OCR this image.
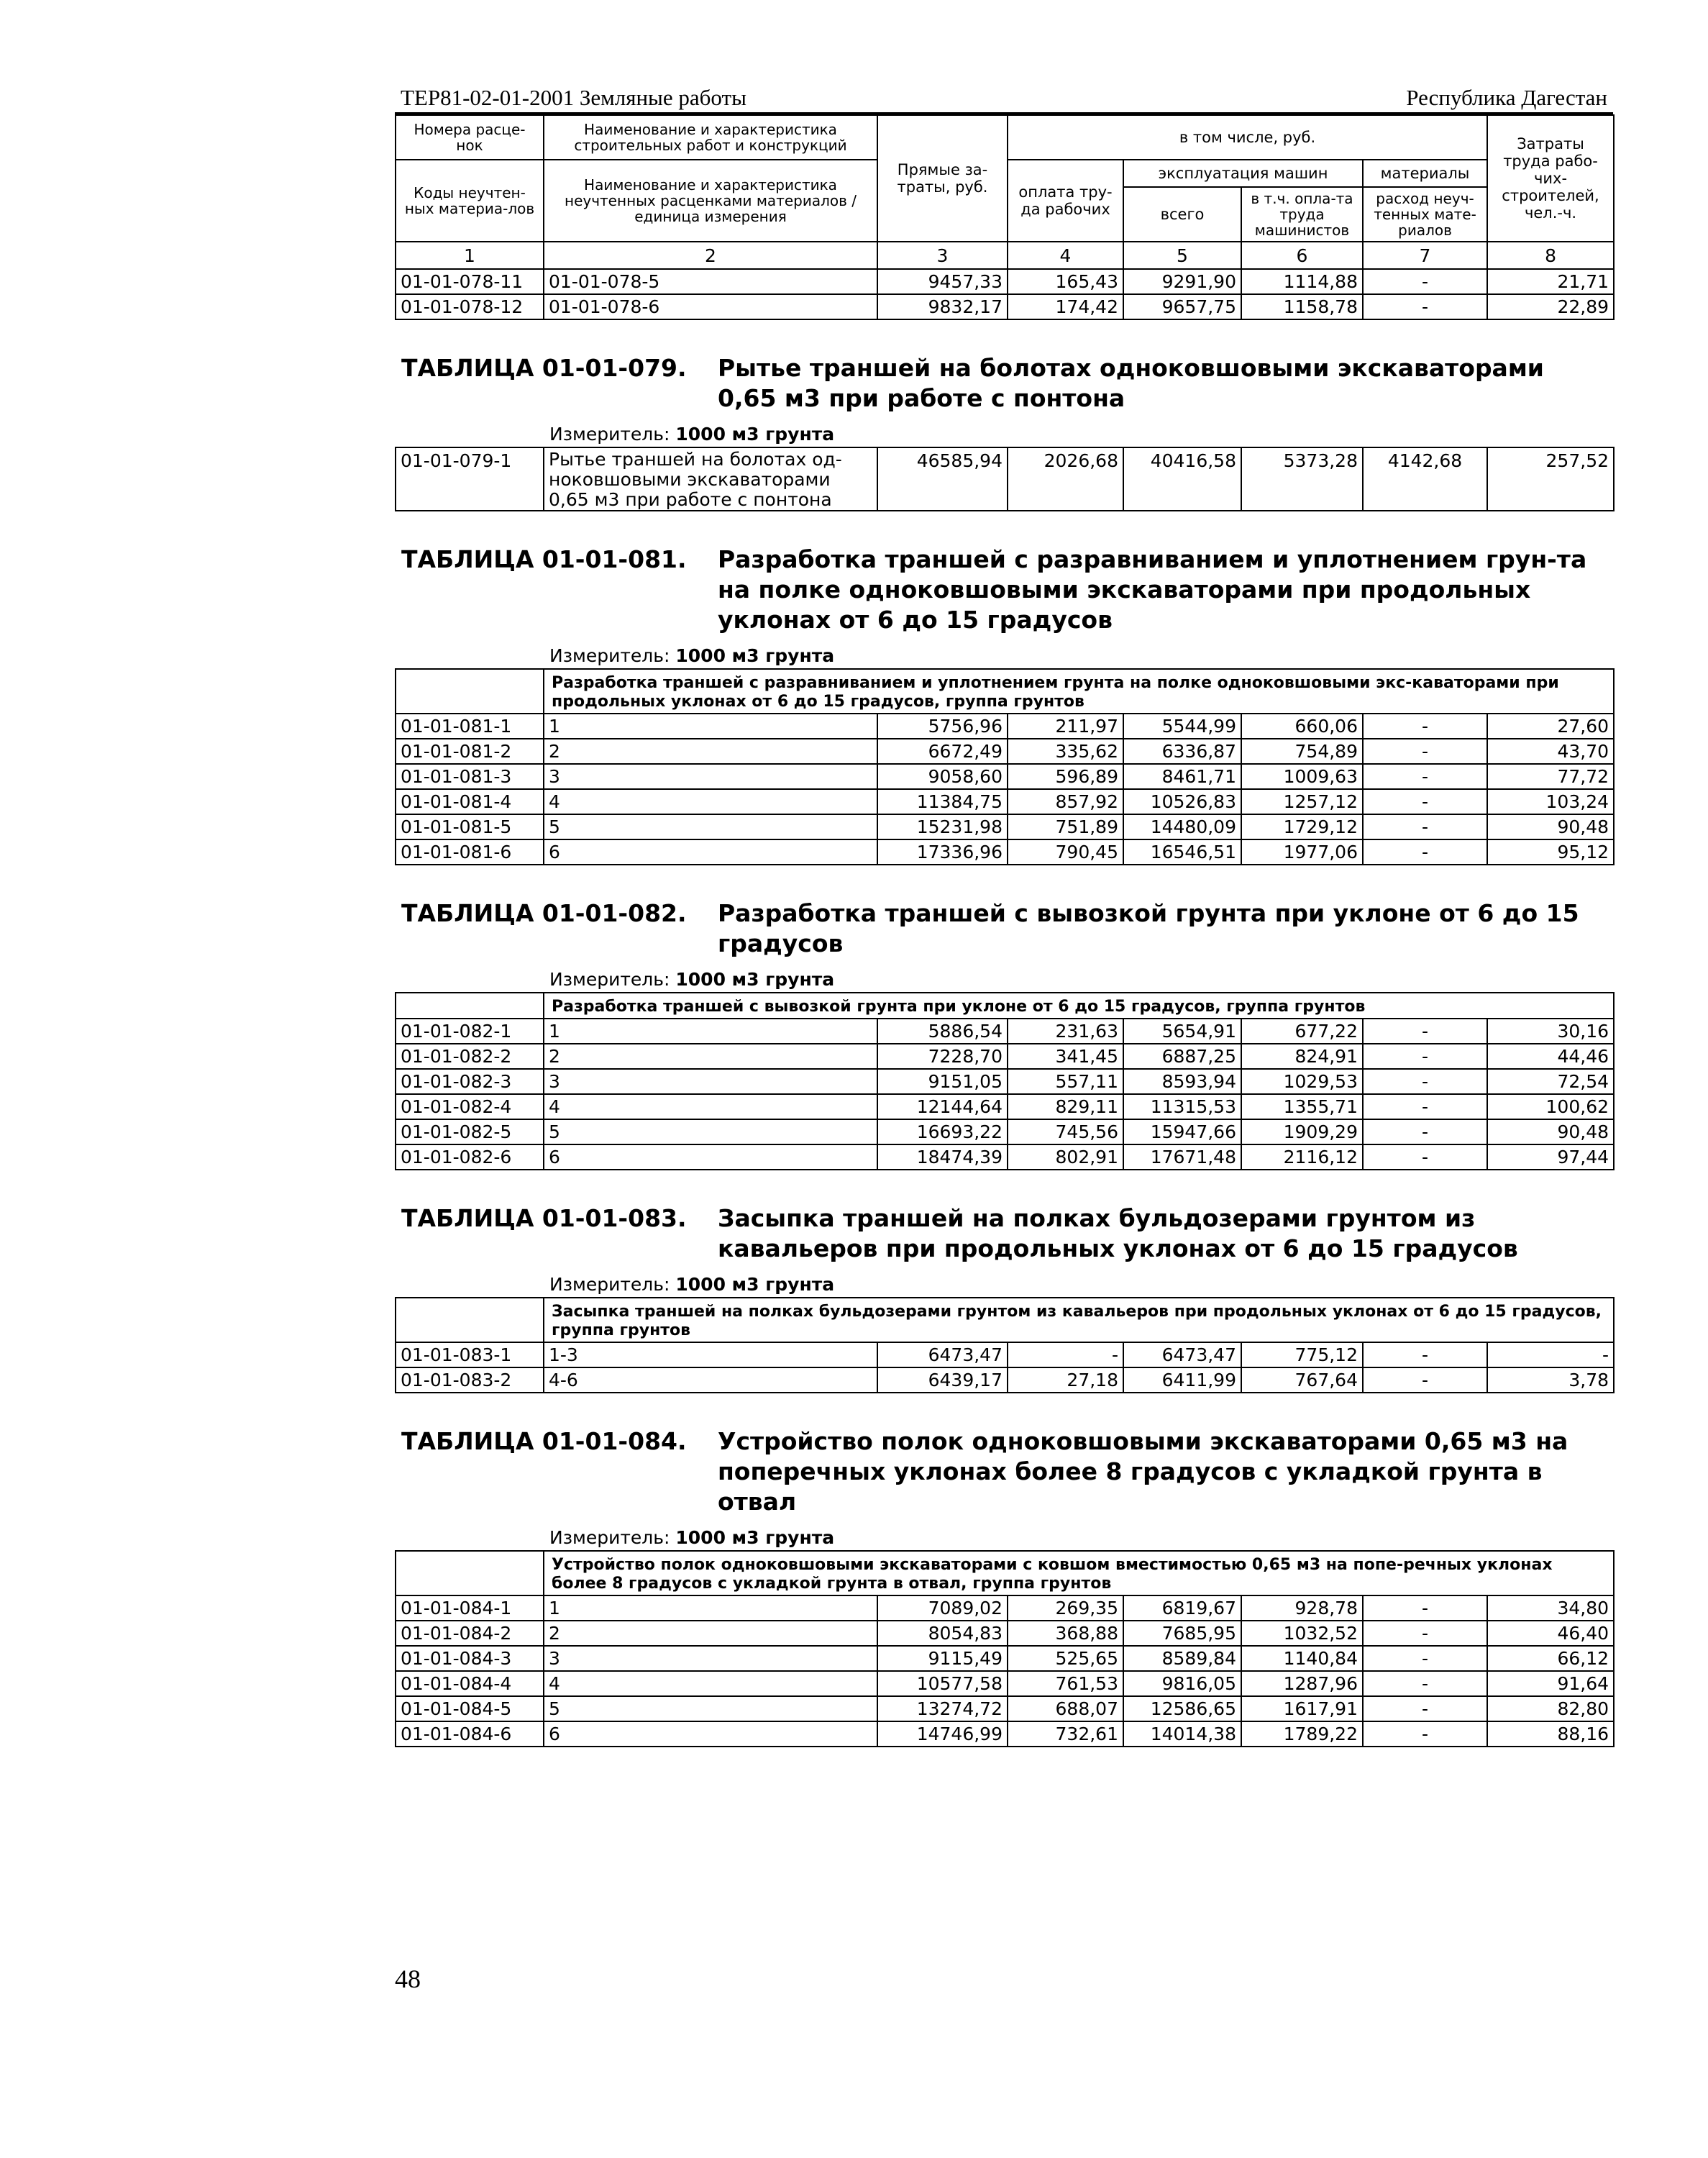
ТЕР81-02-01-2001 Земляные работы	Республика Дагестан
Номера расце-нок	Наименование и характеристика строительных работ и конструкций	Прямые за-траты, руб.	в том числе, руб.				Затраты труда рабо-чих-строителей, чел.-ч.
Коды неучтен-ных материа-лов	Наименование и характеристика неучтенных расценками материалов / единица измерения		оплата тру-да рабочих	эксплуатация машин		материалы	
				всего	в т.ч. опла-та труда машинистов	расход неуч-тенных мате-риалов	

1	2	3	4	5	6	7	8
01-01-078-11	01-01-078-5	9457,33	165,43	9291,90	1114,88	-	21,71
01-01-078-12	01-01-078-6	9832,17	174,42	9657,75	1158,78	-	22,89

ТАБЛИЦА 01-01-079. Рытье траншей на болотах одноковшовыми экскаваторами 0,65 м3 при работе с понтона							

Измеритель: 1000 м3 грунта							

01-01-079-1	Рытье траншей на болотах од-ноковшовыми экскаваторами 0,65 м3 при работе с понтона	46585,94	2026,68	40416,58	5373,28	4142,68	257,52

ТАБЛИЦА 01-01-081. Разработка траншей с разравниванием и уплотнением грун-та на полке одноковшовыми экскаваторами при продольных уклонах от 6 до 15 градусов							

Измеритель: 1000 м3 грунта							

	Разработка траншей с разравниванием и уплотнением грунта на полке одноковшовыми экс-каваторами при продольных уклонах от 6 до 15 градусов, группа грунтов						
01-01-081-1	1	5756,96	211,97	5544,99	660,06	-	27,60
01-01-081-2	2	6672,49	335,62	6336,87	754,89	-	43,70
01-01-081-3	3	9058,60	596,89	8461,71	1009,63	-	77,72
01-01-081-4	4	11384,75	857,92	10526,83	1257,12	-	103,24
01-01-081-5	5	15231,98	751,89	14480,09	1729,12	-	90,48
01-01-081-6	6	17336,96	790,45	16546,51	1977,06	-	95,12

ТАБЛИЦА 01-01-082. Разработка траншей с вывозкой грунта при уклоне от 6 до 15 градусов							

Измеритель: 1000 м3 грунта							

	Разработка траншей с вывозкой грунта при уклоне от 6 до 15 градусов, группа грунтов						
01-01-082-1	1	5886,54	231,63	5654,91	677,22	-	30,16
01-01-082-2	2	7228,70	341,45	6887,25	824,91	-	44,46
01-01-082-3	3	9151,05	557,11	8593,94	1029,53	-	72,54
01-01-082-4	4	12144,64	829,11	11315,53	1355,71	-	100,62
01-01-082-5	5	16693,22	745,56	15947,66	1909,29	-	90,48
01-01-082-6	6	18474,39	802,91	17671,48	2116,12	-	97,44

ТАБЛИЦА 01-01-083. Засыпка траншей на полках бульдозерами грунтом из кавальеров при продольных уклонах от 6 до 15 градусов							

Измеритель: 1000 м3 грунта							

	Засыпка траншей на полках бульдозерами грунтом из кавальеров при продольных уклонах от 6 до 15 градусов, группа грунтов						
01-01-083-1	1-3	6473,47	-	6473,47	775,12	-	-
01-01-083-2	4-6	6439,17	27,18	6411,99	767,64	-	3,78

ТАБЛИЦА 01-01-084. Устройство полок одноковшовыми экскаваторами 0,65 м3 на поперечных уклонах более 8 градусов с укладкой грунта в отвал							

Измеритель: 1000 м3 грунта							

	Устройство полок одноковшовыми экскаваторами с ковшом вместимостью 0,65 м3 на попе-речных уклонах более 8 градусов с укладкой грунта в отвал, группа грунтов						
01-01-084-1	1	7089,02	269,35	6819,67	928,78	-	34,80
01-01-084-2	2	8054,83	368,88	7685,95	1032,52	-	46,40
01-01-084-3	3	9115,49	525,65	8589,84	1140,84	-	66,12
01-01-084-4	4	10577,58	761,53	9816,05	1287,96	-	91,64
01-01-084-5	5	13274,72	688,07	12586,65	1617,91	-	82,80
01-01-084-6	6	14746,99	732,61	14014,38	1789,22	-	88,16
48
